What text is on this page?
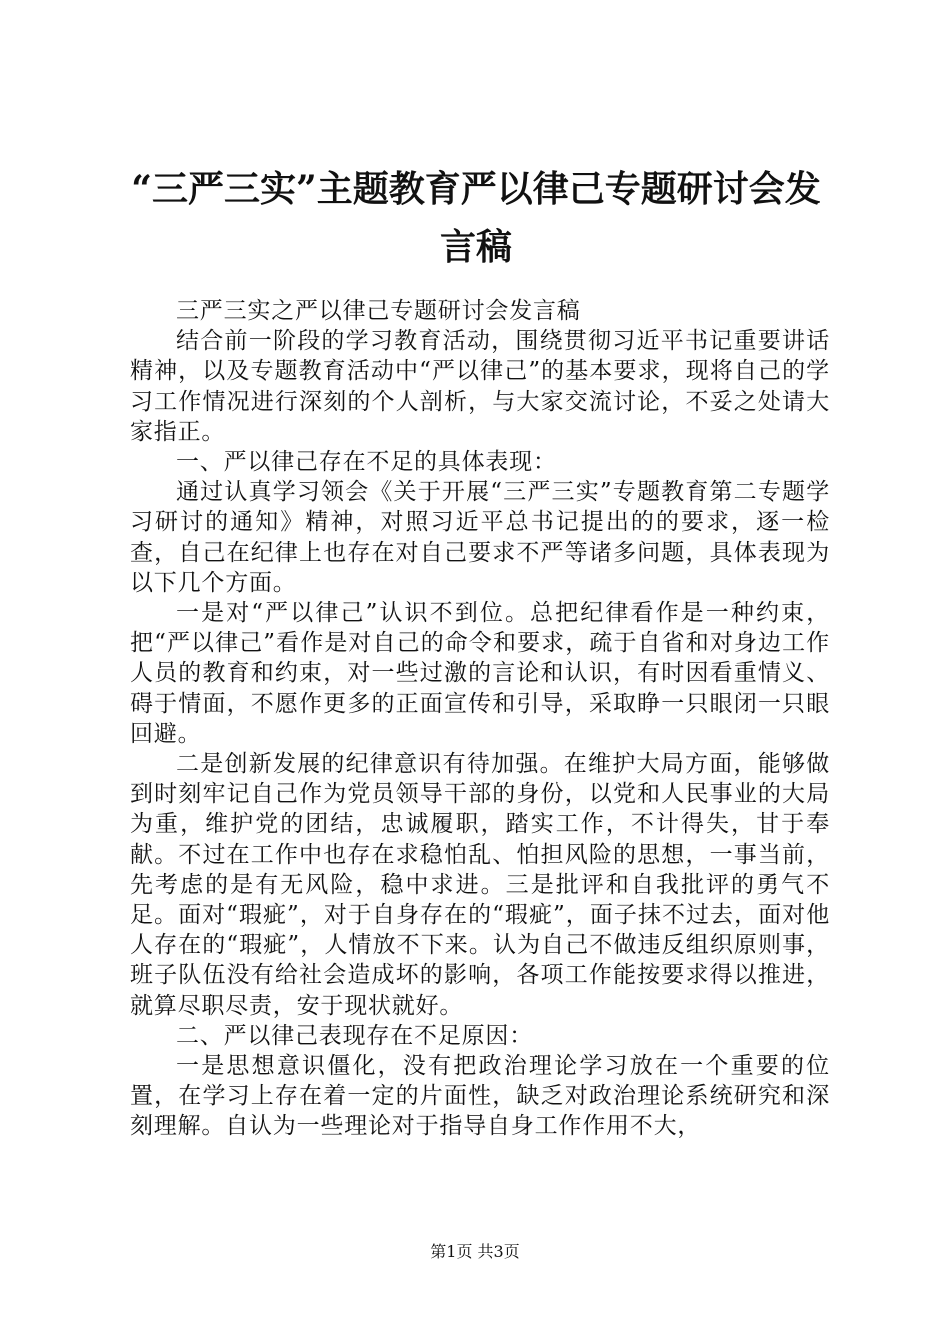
“三严三实”主题教育严以律己专题研讨会发言稿

三严三实之严以律己专题研讨会发言稿

结合前一阶段的学习教育活动，围绕贯彻习近平书记重要讲话精神，以及专题教育活动中“严以律己”的基本要求，现将自己的学习工作情况进行深刻的个人剖析，与大家交流讨论，不妥之处请大家指正。

一、严以律己存在不足的具体表现：

通过认真学习领会《关于开展“三严三实”专题教育第二专题学习研讨的通知》精神，对照习近平总书记提出的的要求，逐一检查，自己在纪律上也存在对自己要求不严等诸多问题，具体表现为以下几个方面。

一是对“严以律己”认识不到位。总把纪律看作是一种约束，把“严以律己”看作是对自己的命令和要求，疏于自省和对身边工作人员的教育和约束，对一些过激的言论和认识，有时因看重情义、碍于情面，不愿作更多的正面宣传和引导，采取睁一只眼闭一只眼回避。

二是创新发展的纪律意识有待加强。在维护大局方面，能够做到时刻牢记自己作为党员领导干部的身份，以党和人民事业的大局为重，维护党的团结，忠诚履职，踏实工作，不计得失，甘于奉献。不过在工作中也存在求稳怕乱、怕担风险的思想，一事当前，先考虑的是有无风险，稳中求进。三是批评和自我批评的勇气不足。面对“瑕疵”，对于自身存在的“瑕疵”，面子抹不过去，面对他人存在的“瑕疵”，人情放不下来。认为自己不做违反组织原则事，班子队伍没有给社会造成坏的影响，各项工作能按要求得以推进，就算尽职尽责，安于现状就好。

二、严以律己表现存在不足原因：

一是思想意识僵化，没有把政治理论学习放在一个重要的位置，在学习上存在着一定的片面性，缺乏对政治理论系统研究和深刻理解。自认为一些理论对于指导自身工作作用不大，

第1页 共3页
